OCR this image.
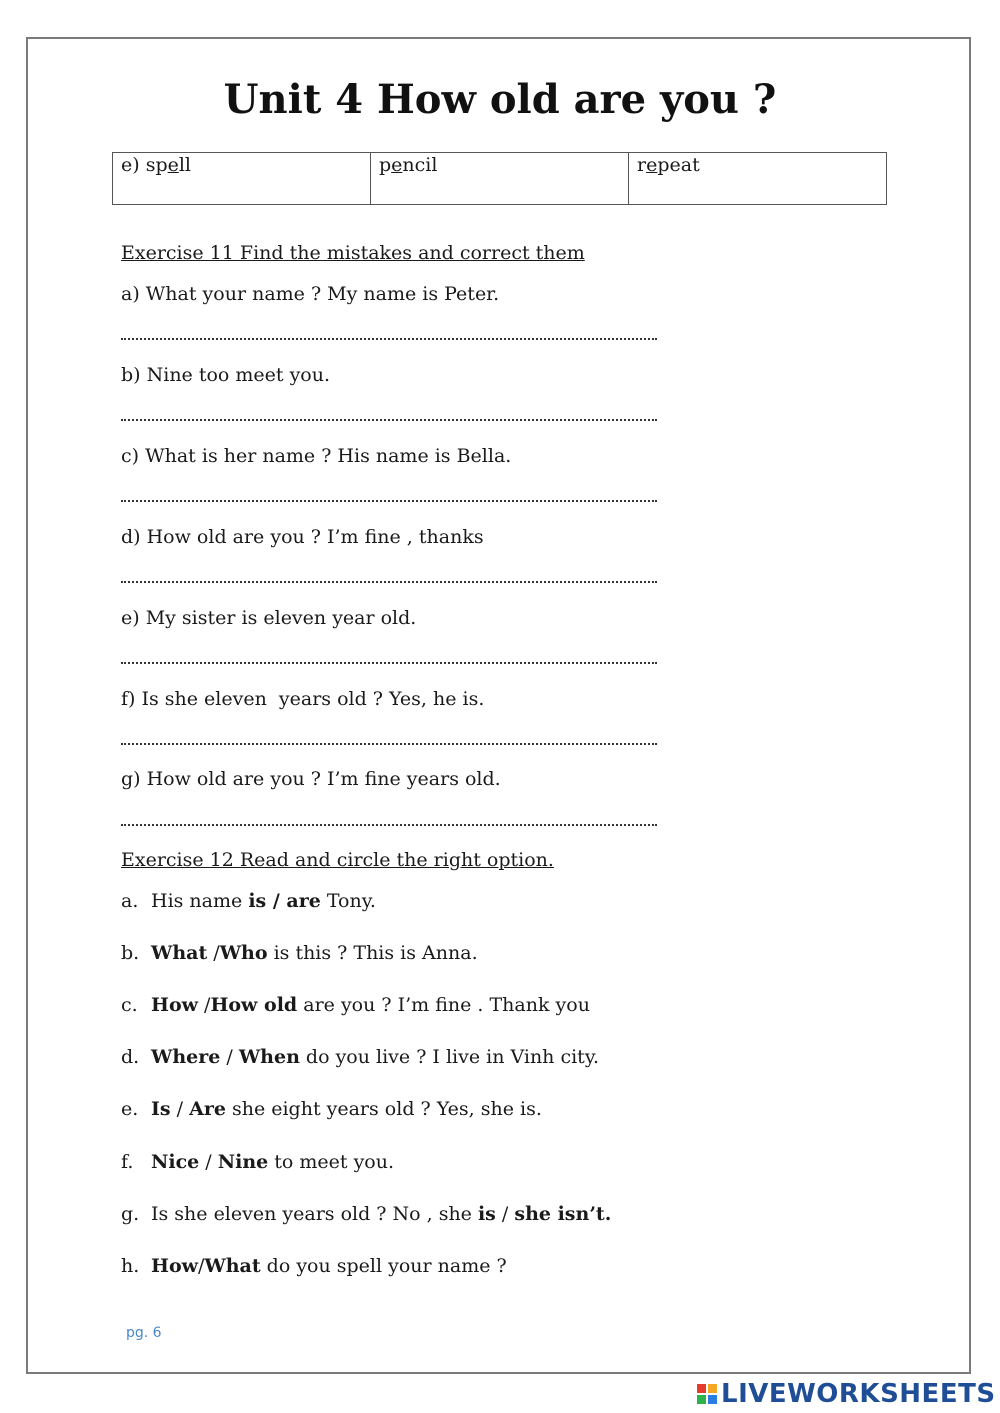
Unit 4 How old are you ?
e) spell	pencil	repeat
Exercise 11 Find the mistakes and correct them

a) What your name ? My name is Peter.

b) Nine too meet you.

c) What is her name ? His name is Bella.

d) How old are you ? I’m fine , thanks

e) My sister is eleven year old.

f) Is she eleven  years old ? Yes, he is.

g) How old are you ? I’m fine years old.

Exercise 12 Read and circle the right option.

a. His name is / are Tony.

b. What /Who is this ? This is Anna.

c. How /How old are you ? I’m fine . Thank you

d. Where / When do you live ? I live in Vinh city.

e. Is / Are she eight years old ? Yes, she is.

f. Nice / Nine to meet you.

g. Is she eleven years old ? No , she is / she isn’t.

h. How/What do you spell your name ?

pg. 6
LIVEWORKSHEETS
